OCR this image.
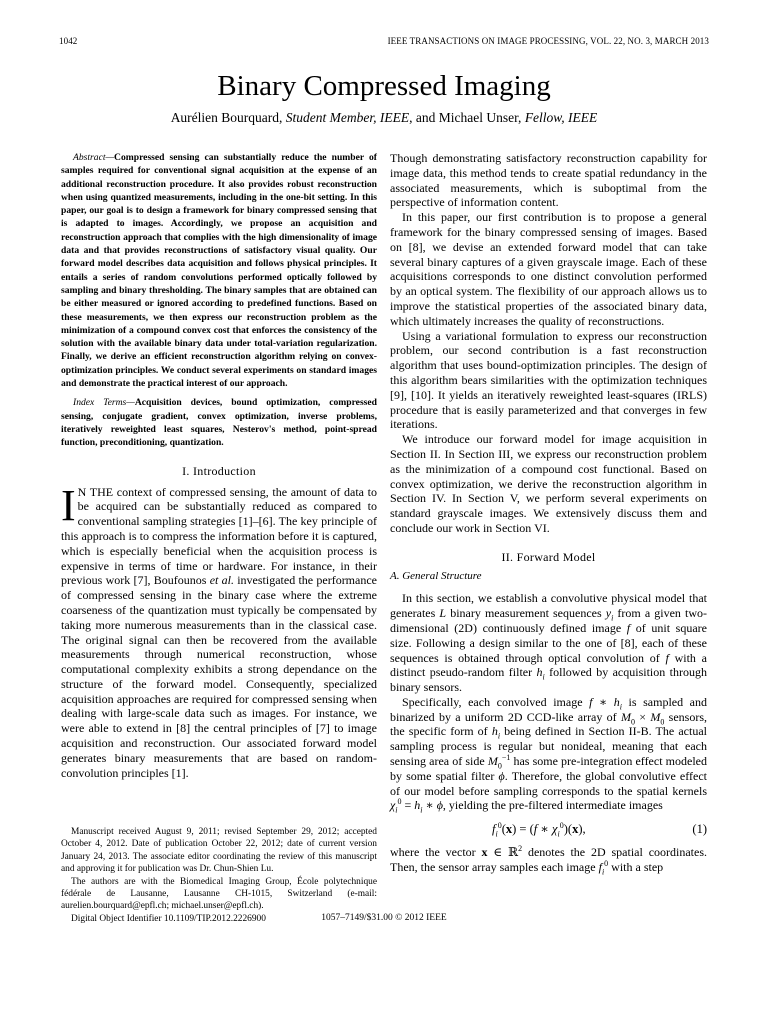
1042	IEEE TRANSACTIONS ON IMAGE PROCESSING, VOL. 22, NO. 3, MARCH 2013
Binary Compressed Imaging
Aurélien Bourquard, Student Member, IEEE, and Michael Unser, Fellow, IEEE
Abstract—Compressed sensing can substantially reduce the number of samples required for conventional signal acquisition at the expense of an additional reconstruction procedure. It also provides robust reconstruction when using quantized measurements, including in the one-bit setting. In this paper, our goal is to design a framework for binary compressed sensing that is adapted to images. Accordingly, we propose an acquisition and reconstruction approach that complies with the high dimensionality of image data and that provides reconstructions of satisfactory visual quality. Our forward model describes data acquisition and follows physical principles. It entails a series of random convolutions performed optically followed by sampling and binary thresholding. The binary samples that are obtained can be either measured or ignored according to predefined functions. Based on these measurements, we then express our reconstruction problem as the minimization of a compound convex cost that enforces the consistency of the solution with the available binary data under total-variation regularization. Finally, we derive an efficient reconstruction algorithm relying on convex-optimization principles. We conduct several experiments on standard images and demonstrate the practical interest of our approach.
Index Terms—Acquisition devices, bound optimization, compressed sensing, conjugate gradient, convex optimization, inverse problems, iteratively reweighted least squares, Nesterov's method, point-spread function, preconditioning, quantization.
I. Introduction

I N THE context of compressed sensing, the amount of data to be acquired can be substantially reduced as compared to conventional sampling strategies [1]–[6]. The key principle of this approach is to compress the information before it is captured, which is especially beneficial when the acquisition process is expensive in terms of time or hardware. For instance, in their previous work [7], Boufounos et al. investigated the performance of compressed sensing in the binary case where the extreme coarseness of the quantization must typically be compensated by taking more numerous measurements than in the classical case. The original signal can then be recovered from the available measurements through numerical reconstruction, whose computational complexity exhibits a strong dependance on the structure of the forward model. Consequently, specialized acquisition approaches are required for compressed sensing when dealing with large-scale data such as images. For instance, we were able to extend in [8] the central principles of [7] to image acquisition and reconstruction. Our associated forward model generates binary measurements that are based on random-convolution principles [1].

Manuscript received August 9, 2011; revised September 29, 2012; accepted October 4, 2012. Date of publication October 22, 2012; date of current version January 24, 2013. The associate editor coordinating the review of this manuscript and approving it for publication was Dr. Chun-Shien Lu.

The authors are with the Biomedical Imaging Group, École polytechnique fédérale de Lausanne, Lausanne CH-1015, Switzerland (e-mail: aurelien.bourquard@epfl.ch; michael.unser@epfl.ch).

Digital Object Identifier 10.1109/TIP.2012.2226900

Though demonstrating satisfactory reconstruction capability for image data, this method tends to create spatial redundancy in the associated measurements, which is suboptimal from the perspective of information content.

In this paper, our first contribution is to propose a general framework for the binary compressed sensing of images. Based on [8], we devise an extended forward model that can take several binary captures of a given grayscale image. Each of these acquisitions corresponds to one distinct convolution performed by an optical system. The flexibility of our approach allows us to improve the statistical properties of the associated binary data, which ultimately increases the quality of reconstructions.

Using a variational formulation to express our reconstruction problem, our second contribution is a fast reconstruction algorithm that uses bound-optimization principles. The design of this algorithm bears similarities with the optimization techniques [9], [10]. It yields an iteratively reweighted least-squares (IRLS) procedure that is easily parameterized and that converges in few iterations.

We introduce our forward model for image acquisition in Section II. In Section III, we express our reconstruction problem as the minimization of a compound cost functional. Based on convex optimization, we derive the reconstruction algorithm in Section IV. In Section V, we perform several experiments on standard grayscale images. We extensively discuss them and conclude our work in Section VI.

II. Forward Model
A. General Structure

In this section, we establish a convolutive physical model that generates L binary measurement sequences $y_i$ from a given two-dimensional (2D) continuously defined image f of unit square size. Following a design similar to the one of [8], each of these sequences is obtained through optical convolution of f with a distinct pseudo-random filter $h_i$ followed by acquisition through binary sensors.

Specifically, each convolved image f ∗ $h_i$ is sampled and binarized by a uniform 2D CCD-like array of $M_0 \times M_0$ sensors, the specific form of $h_i$ being defined in Section II-B. The actual sampling process is regular but nonideal, meaning that each sensing area of side $M_0^{-1}$ has some pre-integration effect modeled by some spatial filter ϕ. Therefore, the global convolutive effect of our model before sampling corresponds to the spatial kernels $\chi_i^0 = h_i$ ∗ ϕ, yielding the pre-filtered intermediate images

$f_i^0(x) = (f$ ∗ $\chi_i^0)(x)$,	(1)

where the vector x ∈ ℝ$^2$ denotes the 2D spatial coordinates. Then, the sensor array samples each image $f_i^0$ with a step

1057–7149/$31.00 © 2012 IEEE
